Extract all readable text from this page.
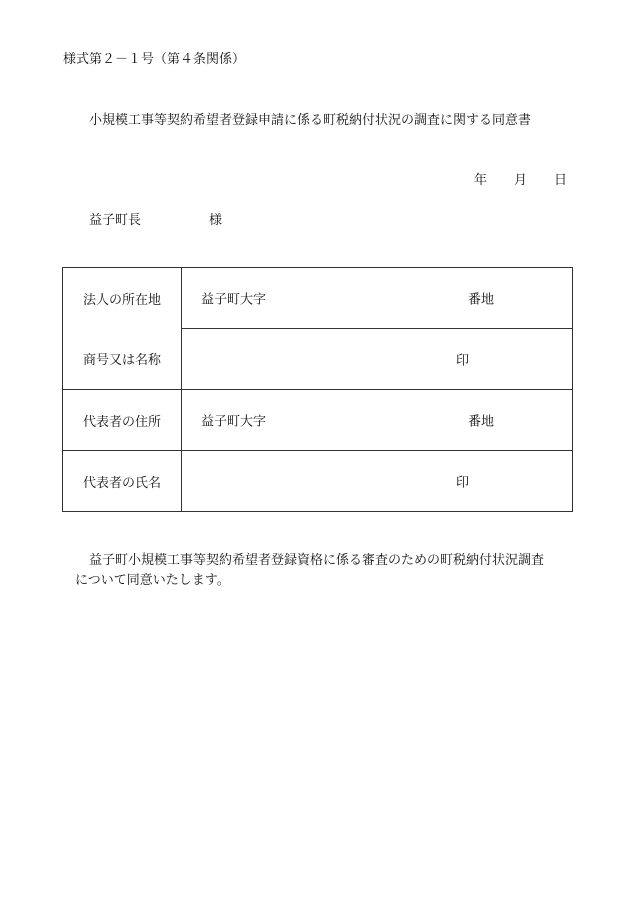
様式第２－１号（第４条関係）
小規模工事等契約希望者登録申請に係る町税納付状況の調査に関する同意書
年 月 日
益子町長	様
法人の所在地	益子町大字 番地

商号又は名称	印

代表者の住所	益子町大字 番地

代表者の氏名	印
益子町小規模工事等契約希望者登録資格に係る審査のための町税納付状況調査
について同意いたします。
